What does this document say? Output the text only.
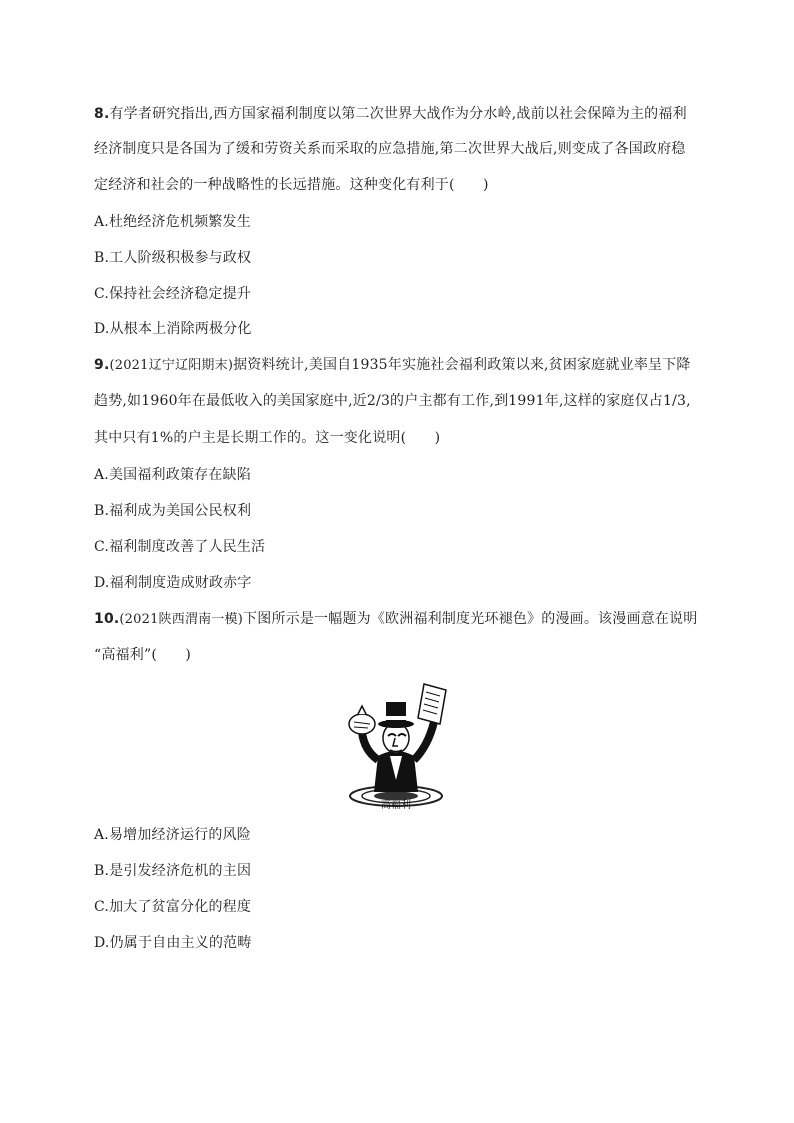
8.有学者研究指出,西方国家福利制度以第二次世界大战作为分水岭,战前以社会保障为主的福利
经济制度只是各国为了缓和劳资关系而采取的应急措施,第二次世界大战后,则变成了各国政府稳
定经济和社会的一种战略性的长远措施。这种变化有利于(　　)
A.杜绝经济危机频繁发生
B.工人阶级积极参与政权
C.保持社会经济稳定提升
D.从根本上消除两极分化
9.(2021辽宁辽阳期末)据资料统计,美国自1935年实施社会福利政策以来,贫困家庭就业率呈下降
趋势,如1960年在最低收入的美国家庭中,近2/3的户主都有工作,到1991年,这样的家庭仅占1/3,
其中只有1%的户主是长期工作的。这一变化说明(　　)
A.美国福利政策存在缺陷
B.福利成为美国公民权利
C.福利制度改善了人民生活
D.福利制度造成财政赤字
10.(2021陕西渭南一模)下图所示是一幅题为《欧洲福利制度光环褪色》的漫画。该漫画意在说明
“高福利”(　　)
高福利
A.易增加经济运行的风险
B.是引发经济危机的主因
C.加大了贫富分化的程度
D.仍属于自由主义的范畴
